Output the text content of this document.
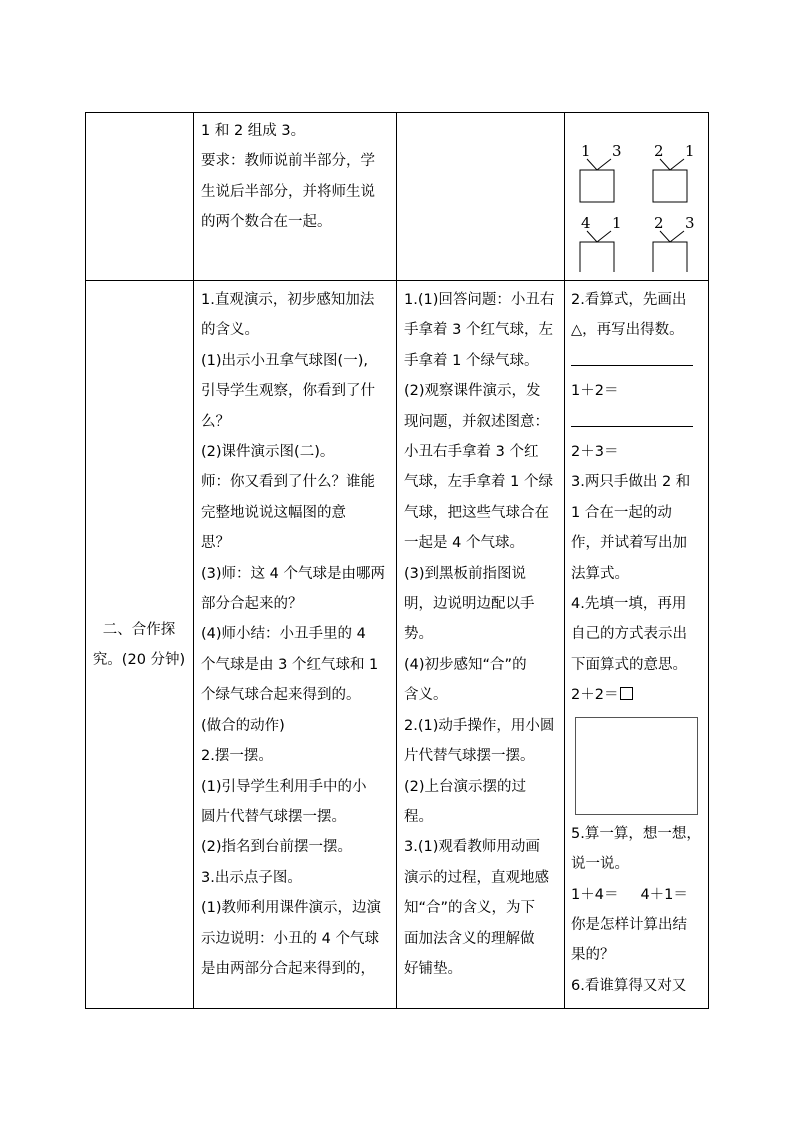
1 和 2 组成 3。

要求：教师说前半部分，学

生说后半部分，并将师生说

的两个数合在一起。

1 3 2 1
4 1 2 3
二、合作探
究。(20 分钟)

1.直观演示，初步感知加法

的含义。

(1)出示小丑拿气球图(一),

引导学生观察，你看到了什

么？

(2)课件演示图(二)。

师：你又看到了什么？谁能

完整地说说这幅图的意

思？

(3)师：这 4 个气球是由哪两

部分合起来的？

(4)师小结：小丑手里的 4

个气球是由 3 个红气球和 1

个绿气球合起来得到的。

(做合的动作)

2.摆一摆。

(1)引导学生利用手中的小

圆片代替气球摆一摆。

(2)指名到台前摆一摆。

3.出示点子图。

(1)教师利用课件演示，边演

示边说明：小丑的 4 个气球

是由两部分合起来得到的，

1.(1)回答问题：小丑右

手拿着 3 个红气球，左

手拿着 1 个绿气球。

(2)观察课件演示，发

现问题，并叙述图意：

小丑右手拿着 3 个红

气球，左手拿着 1 个绿

气球，把这些气球合在

一起是 4 个气球。

(3)到黑板前指图说

明，边说明边配以手

势。

(4)初步感知“合”的

含义。

2.(1)动手操作，用小圆

片代替气球摆一摆。

(2)上台演示摆的过

程。

3.(1)观看教师用动画

演示的过程，直观地感

知“合”的含义，为下

面加法含义的理解做

好铺垫。

2.看算式，先画出

△，再写出得数。

1＋2＝

2＋3＝

3.两只手做出 2 和

1 合在一起的动

作，并试着写出加

法算式。

4.先填一填，再用

自己的方式表示出

下面算式的意思。

2＋2＝

5.算一算，想一想，

说一说。

1＋4＝ 4＋1＝

你是怎样计算出结

果的？

6.看谁算得又对又
